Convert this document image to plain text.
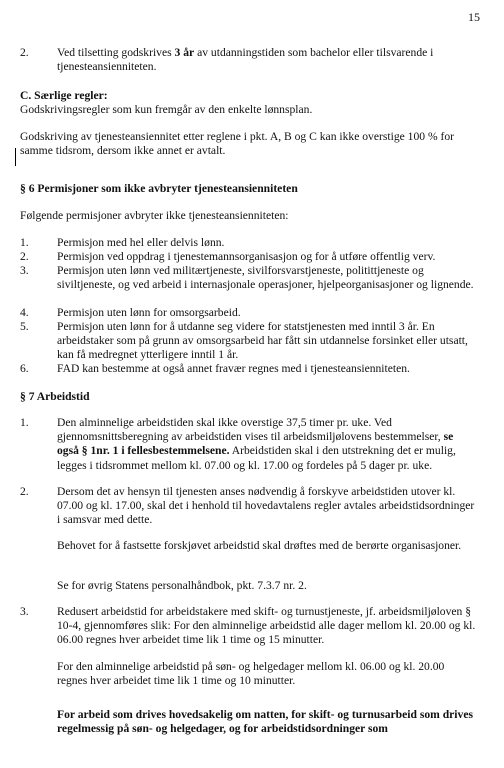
15
2. Ved tilsetting godskrives 3 år av utdanningstiden som bachelor eller tilsvarende i tjenesteansienniteten.
C. Særlige regler:
Godskrivingsregler som kun fremgår av den enkelte lønnsplan.
Godskriving av tjenesteansiennitet etter reglene i pkt. A, B og C kan ikke overstige 100 % for samme tidsrom, dersom ikke annet er avtalt.
§ 6 Permisjoner som ikke avbryter tjenesteansienniteten
Følgende permisjoner avbryter ikke tjenesteansienniteten:
1. Permisjon med hel eller delvis lønn.
2. Permisjon ved oppdrag i tjenestemannsorganisasjon og for å utføre offentlig verv.
3. Permisjon uten lønn ved militærtjeneste, sivilforsvarstjeneste, politittjeneste og siviltjeneste, og ved arbeid i internasjonale operasjoner, hjelpeorganisasjoner og lignende.
4. Permisjon uten lønn for omsorgsarbeid.
5. Permisjon uten lønn for å utdanne seg videre for statstjenesten med inntil 3 år. En arbeidstaker som på grunn av omsorgsarbeid har fått sin utdannelse forsinket eller utsatt, kan få medregnet ytterligere inntil 1 år.
6. FAD kan bestemme at også annet fravær regnes med i tjenesteansienniteten.
§ 7 Arbeidstid
1. Den alminnelige arbeidstiden skal ikke overstige 37,5 timer pr. uke. Ved gjennomsnittsberegning av arbeidstiden vises til arbeidsmiljølovens bestemmelser, se også § 1nr. 1 i fellesbestemmelsene. Arbeidstiden skal i den utstrekning det er mulig, legges i tidsrommet mellom kl. 07.00 og kl. 17.00 og fordeles på 5 dager pr. uke.
2. Dersom det av hensyn til tjenesten anses nødvendig å forskyve arbeidstiden utover kl. 07.00 og kl. 17.00, skal det i henhold til hovedavtalens regler avtales arbeidstidsordninger i samsvar med dette.
Behovet for å fastsette forskjøvet arbeidstid skal drøftes med de berørte organisasjoner.
Se for øvrig Statens personalhåndbok, pkt. 7.3.7 nr. 2.
3. Redusert arbeidstid for arbeidstakere med skift- og turnustjeneste, jf. arbeidsmiljøloven § 10-4, gjennomføres slik: For den alminnelige arbeidstid alle dager mellom kl. 20.00 og kl. 06.00 regnes hver arbeidet time lik 1 time og 15 minutter.
For den alminnelige arbeidstid på søn- og helgedager mellom kl. 06.00 og kl. 20.00 regnes hver arbeidet time lik 1 time og 10 minutter.
For arbeid som drives hovedsakelig om natten, for skift- og turnusarbeid som drives regelmessig på søn- og helgedager, og for arbeidstidsordninger som
